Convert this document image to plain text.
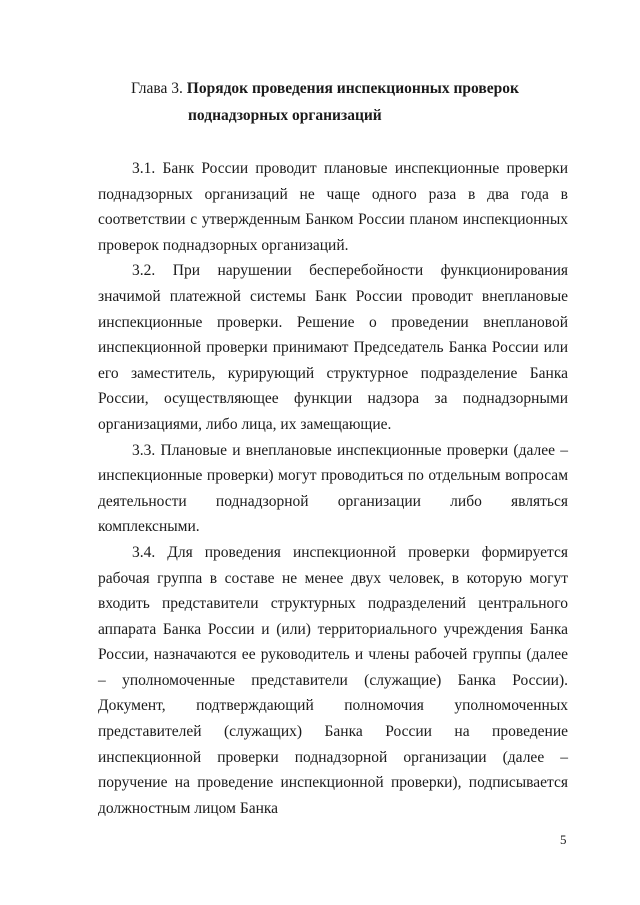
Глава 3. Порядок проведения инспекционных проверок
поднадзорных организаций

3.1. Банк России проводит плановые инспекционные проверки поднадзорных организаций не чаще одного раза в два года в соответствии с утвержденным Банком России планом инспекционных проверок поднадзорных организаций.

3.2. При нарушении бесперебойности функционирования значимой платежной системы Банк России проводит внеплановые инспекционные проверки. Решение о проведении внеплановой инспекционной проверки принимают Председатель Банка России или его заместитель, курирующий структурное подразделение Банка России, осуществляющее функции надзора за поднадзорными организациями, либо лица, их замещающие.

3.3. Плановые и внеплановые инспекционные проверки (далее – инспекционные проверки) могут проводиться по отдельным вопросам деятельности поднадзорной организации либо являться комплексными.

3.4. Для проведения инспекционной проверки формируется рабочая группа в составе не менее двух человек, в которую могут входить представители структурных подразделений центрального аппарата Банка России и (или) территориального учреждения Банка России, назначаются ее руководитель и члены рабочей группы (далее – уполномоченные представители (служащие) Банка России). Документ, подтверждающий полномочия уполномоченных представителей (служащих) Банка России на проведение инспекционной проверки поднадзорной организации (далее – поручение на проведение инспекционной проверки), подписывается должностным лицом Банка

5
